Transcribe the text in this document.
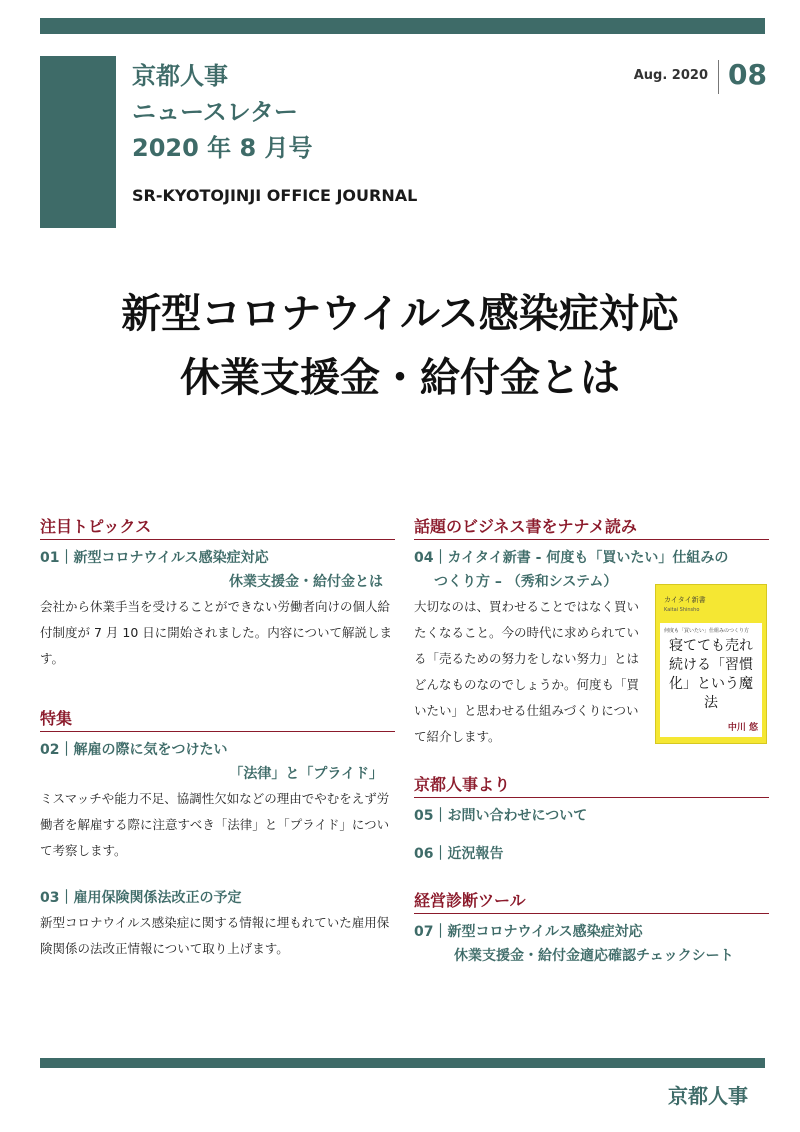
京都人事
ニュースレター
2020 年 8 月号
SR-KYOTOJINJI OFFICE JOURNAL
Aug. 2020 08
新型コロナウイルス感染症対応
休業支援金・給付金とは
注目トピックス
01｜新型コロナウイルス感染症対応
休業支援金・給付金とは
会社から休業手当を受けることができない労働者向けの個人給付制度が 7 月 10 日に開始されました。内容について解説します。
特集
02｜解雇の際に気をつけたい
「法律」と「プライド」
ミスマッチや能力不足、協調性欠如などの理由でやむをえず労働者を解雇する際に注意すべき「法律」と「プライド」について考察します。
03｜雇用保険関係法改正の予定
新型コロナウイルス感染症に関する情報に埋もれていた雇用保険関係の法改正情報について取り上げます。
話題のビジネス書をナナメ読み
04｜カイタイ新書 - 何度も「買いたい」仕組みの
つくり方 – （秀和システム）
大切なのは、買わせることではなく買いたくなること。今の時代に求められている「売るための努力をしない努力」とはどんなものなのでしょうか。何度も「買いたい」と思わせる仕組みづくりについて紹介します。
カイタイ新書
Kaitai Shinsho
何度も「買いたい」仕組みのつくり方
寝てても売れ続ける「習慣化」という魔法
中川 悠
京都人事より
05｜お問い合わせについて
06｜近況報告
経営診断ツール
07｜新型コロナウイルス感染症対応
休業支援金・給付金適応確認チェックシート
京都人事
